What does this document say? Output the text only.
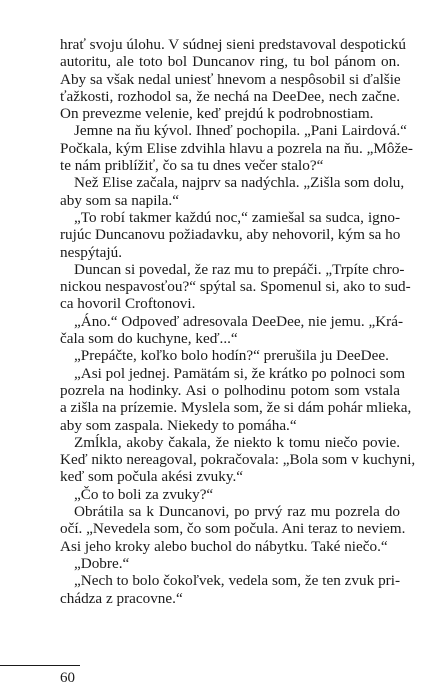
hrať svoju úlohu. V súdnej sieni predstavoval despotickú
autoritu, ale toto bol Duncanov ring, tu bol pánom on.
Aby sa však nedal uniesť hnevom a nespôsobil si ďalšie
ťažkosti, rozhodol sa, že nechá na DeeDee, nech začne.
On prevezme velenie, keď prejdú k podrobnostiam.
Jemne na ňu kývol. Ihneď pochopila. „Pani Lairdová.“
Počkala, kým Elise zdvihla hlavu a pozrela na ňu. „Môže-
te nám priblížiť, čo sa tu dnes večer stalo?“
Než Elise začala, najprv sa nadýchla. „Zišla som dolu,
aby som sa napila.“
„To robí takmer každú noc,“ zamiešal sa sudca, igno-
rujúc Duncanovu požiadavku, aby nehovoril, kým sa ho
nespýtajú.
Duncan si povedal, že raz mu to prepáči. „Trpíte chro-
nickou nespavosťou?“ spýtal sa. Spomenul si, ako to sud-
ca hovoril Croftonovi.
„Áno.“ Odpoveď adresovala DeeDee, nie jemu. „Krá-
čala som do kuchyne, keď...“
„Prepáčte, koľko bolo hodín?“ prerušila ju DeeDee.
„Asi pol jednej. Pamätám si, že krátko po polnoci som
pozrela na hodinky. Asi o polhodinu potom som vstala
a zišla na prízemie. Myslela som, že si dám pohár mlieka,
aby som zaspala. Niekedy to pomáha.“
Zmĺkla, akoby čakala, že niekto k tomu niečo povie.
Keď nikto nereagoval, pokračovala: „Bola som v kuchyni,
keď som počula akési zvuky.“
„Čo to boli za zvuky?“
Obrátila sa k Duncanovi, po prvý raz mu pozrela do
očí. „Nevedela som, čo som počula. Ani teraz to neviem.
Asi jeho kroky alebo buchol do nábytku. Také niečo.“
„Dobre.“
„Nech to bolo čokoľvek, vedela som, že ten zvuk pri-
chádza z pracovne.“
60
